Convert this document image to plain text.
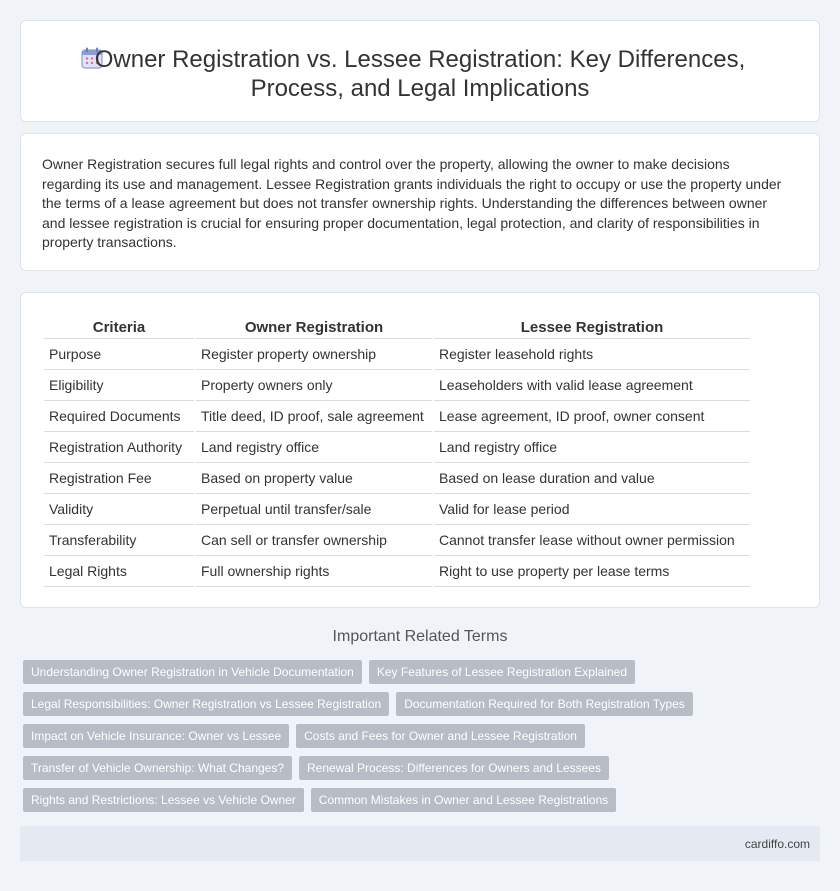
Owner Registration vs. Lessee Registration: Key Differences,
Process, and Legal Implications

Owner Registration secures full legal rights and control over the property, allowing the owner to make decisions regarding its use and management. Lessee Registration grants individuals the right to occupy or use the property under the terms of a lease agreement but does not transfer ownership rights. Understanding the differences between owner and lessee registration is crucial for ensuring proper documentation, legal protection, and clarity of responsibilities in property transactions.

Criteria	Owner Registration	Lessee Registration
Purpose	Register property ownership	Register leasehold rights
Eligibility	Property owners only	Leaseholders with valid lease agreement
Required Documents	Title deed, ID proof, sale agreement	Lease agreement, ID proof, owner consent
Registration Authority	Land registry office	Land registry office
Registration Fee	Based on property value	Based on lease duration and value
Validity	Perpetual until transfer/sale	Valid for lease period
Transferability	Can sell or transfer ownership	Cannot transfer lease without owner permission
Legal Rights	Full ownership rights	Right to use property per lease terms
Important Related Terms
Understanding Owner Registration in Vehicle Documentation	Key Features of Lessee Registration Explained
Legal Responsibilities: Owner Registration vs Lessee Registration	Documentation Required for Both Registration Types
Impact on Vehicle Insurance: Owner vs Lessee	Costs and Fees for Owner and Lessee Registration
Transfer of Vehicle Ownership: What Changes?	Renewal Process: Differences for Owners and Lessees
Rights and Restrictions: Lessee vs Vehicle Owner	Common Mistakes in Owner and Lessee Registrations
cardiffo.com
